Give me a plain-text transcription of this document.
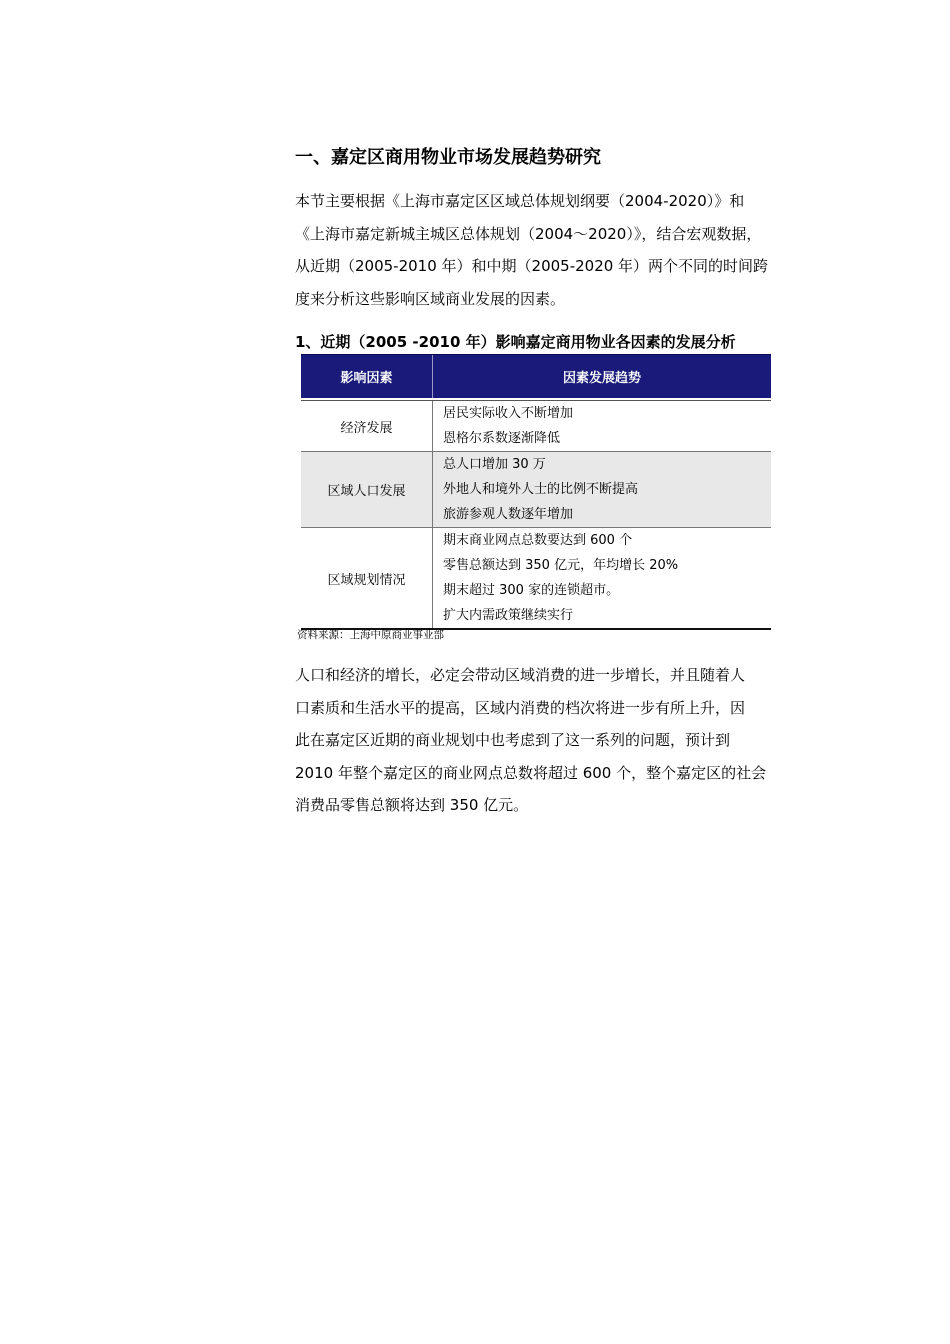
一、嘉定区商用物业市场发展趋势研究
本节主要根据《上海市嘉定区区域总体规划纲要（2004-2020）》和
《上海市嘉定新城主城区总体规划（2004～2020）》，结合宏观数据，
从近期（2005-2010 年）和中期（2005-2020 年）两个不同的时间跨
度来分析这些影响区域商业发展的因素。
1、近期（2005 -2010 年）影响嘉定商用物业各因素的发展分析
影响因素	因素发展趋势
经济发展
居民实际收入不断增加
恩格尔系数逐渐降低
区域人口发展
总人口增加 30 万
外地人和境外人士的比例不断提高
旅游参观人数逐年增加
区域规划情况
期末商业网点总数要达到 600 个
零售总额达到 350 亿元，年均增长 20%
期末超过 300 家的连锁超市。
扩大内需政策继续实行
资料来源：上海中原商业事业部
人口和经济的增长，必定会带动区域消费的进一步增长，并且随着人
口素质和生活水平的提高，区域内消费的档次将进一步有所上升，因
此在嘉定区近期的商业规划中也考虑到了这一系列的问题，预计到
2010 年整个嘉定区的商业网点总数将超过 600 个，整个嘉定区的社会
消费品零售总额将达到 350 亿元。
